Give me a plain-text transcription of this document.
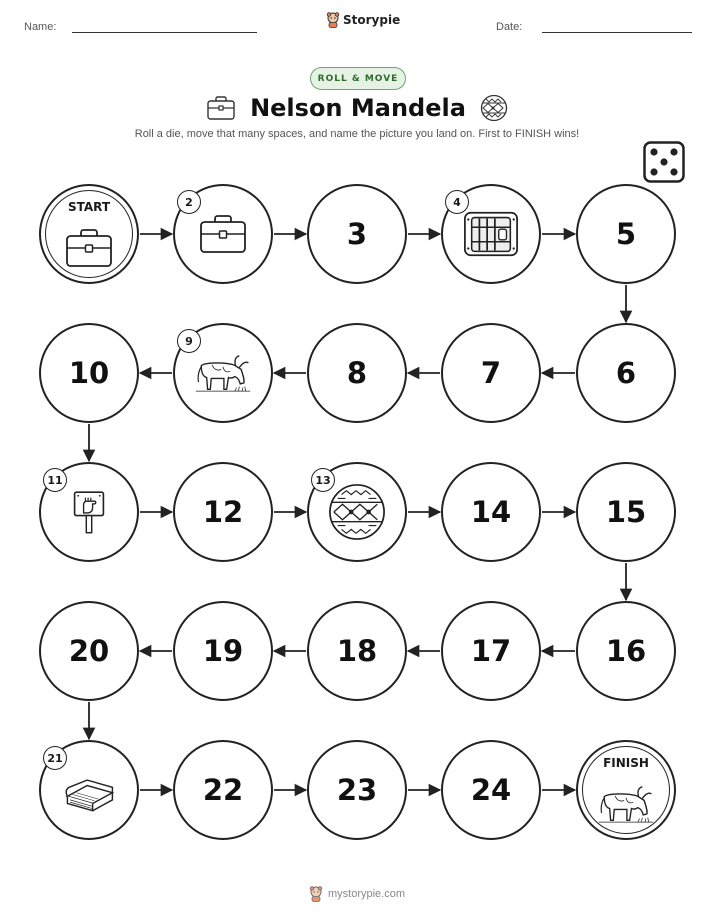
Name:	Storypie	Date:
ROLL & MOVE
Nelson Mandela
Roll a die, move that many spaces, and name the picture you land on. First to FINISH wins!
START	2
3
4
5
6
7
8
9
10
11
12
13
14	15
16
17
18
19
20
21
22	23	24
FINISH
mystorypie.com
